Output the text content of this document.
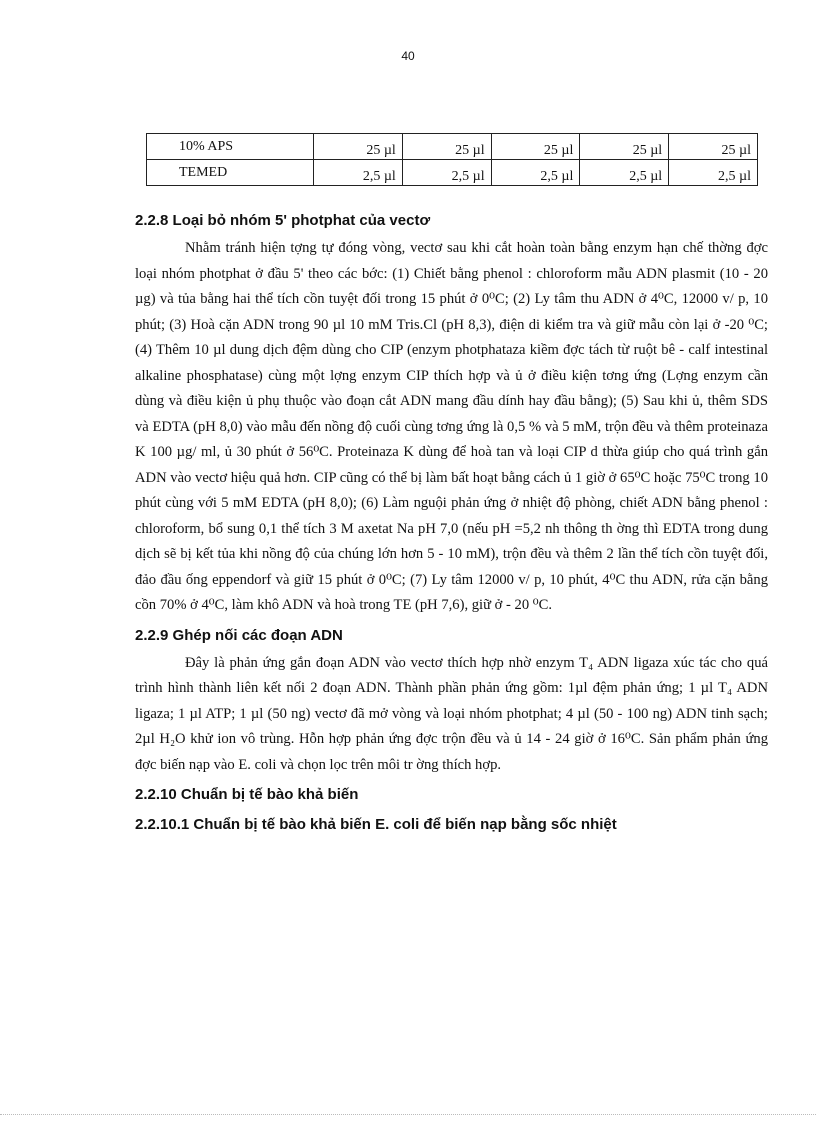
40
10% APS	25 µl	25 µl	25 µl	25 µl	25 µl
TEMED	2,5 µl	2,5 µl	2,5 µl	2,5 µl	2,5 µl
2.2.8 Loại bỏ nhóm 5' photphat của vectơ

Nhằm tránh hiện tợng tự đóng vòng, vectơ sau khi cắt hoàn toàn bằng enzym hạn chế thờng đợc loại nhóm photphat ở đầu 5' theo các bớc: (1) Chiết bằng phenol : chloroform mẫu ADN plasmit (10 - 20 µg) và tủa bằng hai thể tích cồn tuyệt đối trong 15 phút ở 0⁰C; (2) Ly tâm thu ADN ở 4⁰C, 12000 v/ p, 10 phút; (3) Hoà cặn ADN trong 90 µl 10 mM Tris.Cl (pH 8,3), điện di kiểm tra và giữ mẫu còn lại ở -20 ⁰C; (4) Thêm 10 µl dung dịch đệm dùng cho CIP (enzym photphataza kiềm đợc tách từ ruột bê - calf intestinal alkaline phosphatase) cùng một lợng enzym CIP thích hợp và ủ ở điều kiện tơng ứng (Lợng enzym cần dùng và điều kiện ủ phụ thuộc vào đoạn cắt ADN mang đầu dính hay đầu bằng); (5) Sau khi ủ, thêm SDS và EDTA (pH 8,0) vào mẫu đến nồng độ cuối cùng tơng ứng là 0,5 % và 5 mM, trộn đều và thêm proteinaza K 100 µg/ ml, ủ 30 phút ở 56⁰C. Proteinaza K dùng để hoà tan và loại CIP d thừa giúp cho quá trình gắn ADN vào vectơ hiệu quả hơn. CIP cũng có thể bị làm bất hoạt bằng cách ủ 1 giờ ở 65⁰C hoặc 75⁰C trong 10 phút cùng với 5 mM EDTA (pH 8,0); (6) Làm nguội phản ứng ở nhiệt độ phòng, chiết ADN bằng phenol : chloroform, bổ sung 0,1 thể tích 3 M axetat Na pH 7,0 (nếu pH =5,2 nh thông th ờng thì EDTA trong dung dịch sẽ bị kết tủa khi nồng độ của chúng lớn hơn 5 - 10 mM), trộn đều và thêm 2 lần thể tích cồn tuyệt đối, đảo đầu ống eppendorf và giữ 15 phút ở 0⁰C; (7) Ly tâm 12000 v/ p, 10 phút, 4⁰C thu ADN, rửa cặn bằng cồn 70% ở 4⁰C, làm khô ADN và hoà trong TE (pH 7,6), giữ ở - 20 ⁰C.

2.2.9 Ghép nối các đoạn ADN

Đây là phản ứng gắn đoạn ADN vào vectơ thích hợp nhờ enzym T₄ ADN ligaza xúc tác cho quá trình hình thành liên kết nối 2 đoạn ADN. Thành phần phản ứng gồm: 1µl đệm phản ứng; 1 µl T₄ ADN ligaza; 1 µl ATP; 1 µl (50 ng) vectơ đã mở vòng và loại nhóm photphat; 4 µl (50 - 100 ng) ADN tinh sạch; 2µl H₂O khử ion vô trùng. Hỗn hợp phản ứng đợc trộn đều và ủ 14 - 24 giờ ở 16⁰C. Sản phẩm phản ứng đợc biến nạp vào E. coli và chọn lọc trên môi tr ờng thích hợp.

2.2.10 Chuẩn bị tế bào khả biến
2.2.10.1 Chuẩn bị tế bào khả biến E. coli để biến nạp bằng sốc nhiệt
